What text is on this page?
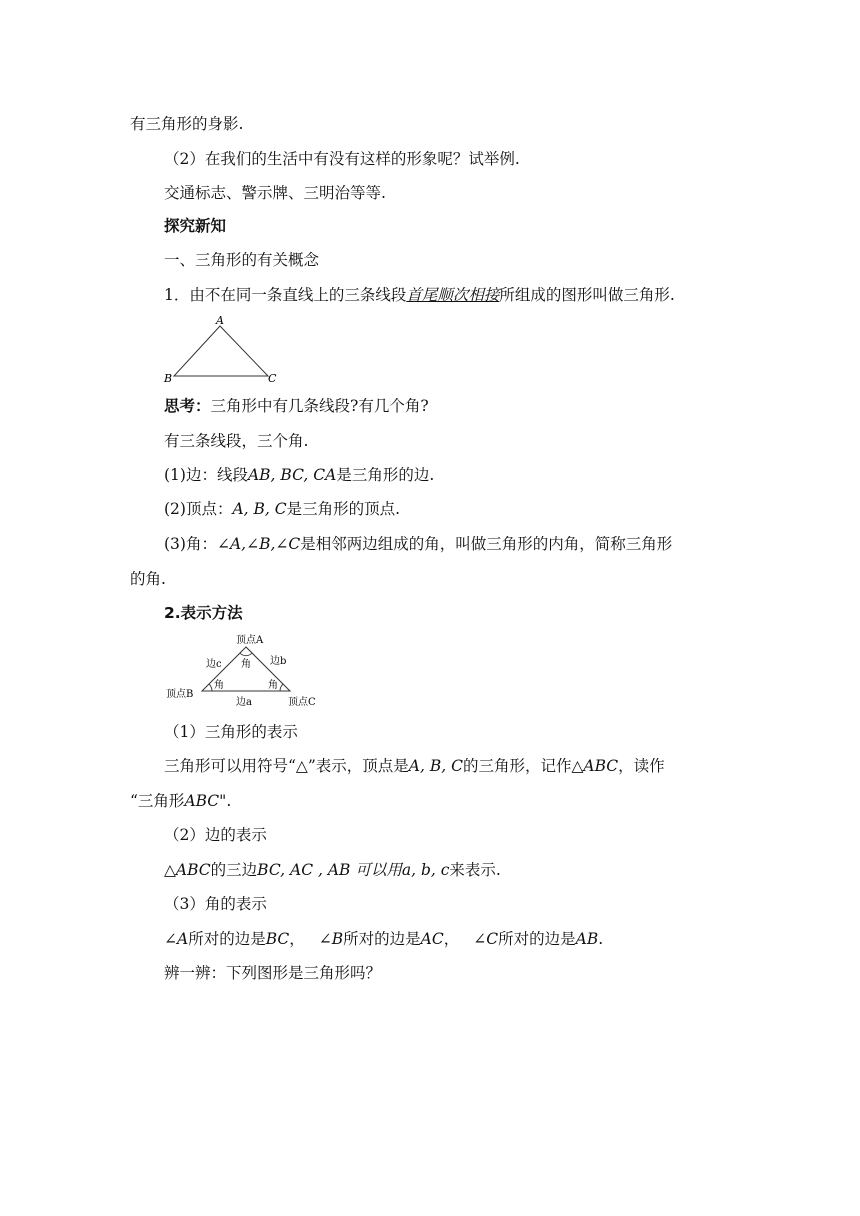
有三角形的身影.
（2）在我们的生活中有没有这样的形象呢？试举例.
交通标志、警示牌、三明治等等.
探究新知
一、三角形的有关概念
1．由不在同一条直线上的三条线段首尾顺次相接所组成的图形叫做三角形.
A
B	C
思考：三角形中有几条线段?有几个角?
有三条线段，三个角.
(1)边：线段AB, BC, CA是三角形的边.
(2)顶点：A, B, C是三角形的顶点.
(3)角：∠A,∠B,∠C是相邻两边组成的角，叫做三角形的内角，简称三角形
的角.
2.表示方法
顶点A
边c	边b
角
角	角
边a
顶点B
顶点C
（1）三角形的表示
三角形可以用符号“△”表示，顶点是A, B, C的三角形，记作△ABC，读作
“三角形ABC".
（2）边的表示
△ABC的三边BC, AC , AB 可以用a, b, c来表示.
（3）角的表示
∠A所对的边是BC， ∠B所对的边是AC， ∠C所对的边是AB.
辨一辨：下列图形是三角形吗？
